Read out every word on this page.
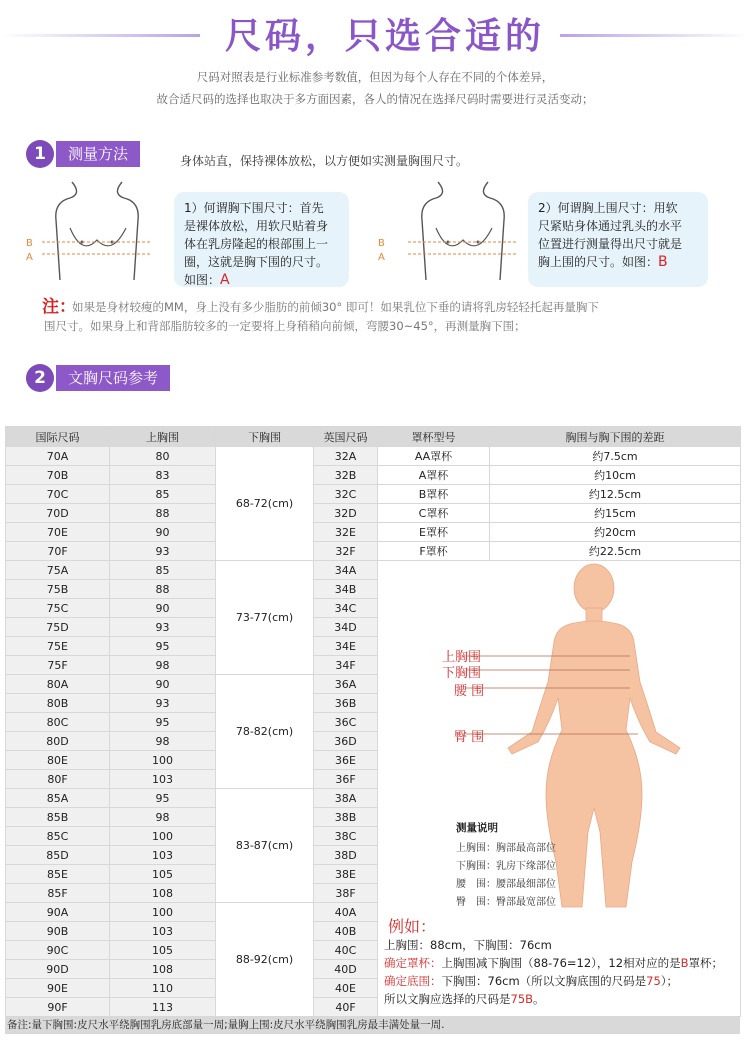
尺码，只选合适的
尺码对照表是行业标准参考数值，但因为每个人存在不同的个体差异，
故合适尺码的选择也取决于多方面因素，各人的情况在选择尺码时需要进行灵活变动；
1	测量方法	身体站直，保持裸体放松，以方便如实测量胸围尺寸。
B
A
1）何谓胸下围尺寸：首先
是裸体放松，用软尺贴着身
体在乳房隆起的根部围上一
圈，这就是胸下围的尺寸。
如图：A
B
A
2）何谓胸上围尺寸：用软
尺紧贴身体通过乳头的水平
位置进行测量得出尺寸就是
胸上围的尺寸。如图：B
注：
如果是身材较瘦的MM，身上没有多少脂肪的前倾30° 即可！如果乳位下垂的请将乳房轻轻托起再量胸下
围尺寸。如果身上和背部脂肪较多的一定要将上身稍稍向前倾，弯腰30~45°，再测量胸下围；
2	文胸尺码参考
国际尺码	上胸围	下胸围	英国尺码	罩杯型号	胸围与胸下围的差距
70A	80	68-72(cm)	32A	AA罩杯	约7.5cm
70B	83		32B	A罩杯	约10cm
70C	85		32C	B罩杯	约12.5cm
70D	88		32D	C罩杯	约15cm
70E	90		32E	E罩杯	约20cm
70F	93		32F	F罩杯	约22.5cm
75A	85	73-77(cm)	34A		
75B	88		34B		
75C	90		34C		
75D	93		34D		
75E	95		34E		
75F	98		34F		
80A	90	78-82(cm)	36A		
80B	93		36B		
80C	95		36C		
80D	98		36D		
80E	100		36E		
80F	103		36F		
85A	95	83-87(cm)	38A		
85B	98		38B		
85C	100		38C		
85D	103		38D		
85E	105		38E		
85F	108		38F		
90A	100	88-92(cm)	40A		
90B	103		40B		
90C	105		40C		
90D	108		40D		
90E	110		40E		
90F	113		40F		
上胸围
下胸围
腰 围
臀 围
测量说明
上胸围：胸部最高部位
下胸围：乳房下缘部位
腰　围：腰部最细部位
臀　围：臀部最宽部位
例如：
上胸围：88cm，下胸围：76cm
确定罩杯：上胸围减下胸围（88-76=12），12相对应的是B罩杯；
确定底围：下胸围：76cm（所以文胸底围的尺码是75）；
所以文胸应选择的尺码是75B。
备注:量下胸围:皮尺水平绕胸围乳房底部量一周;量胸上围:皮尺水平绕胸围乳房最丰满处量一周.
